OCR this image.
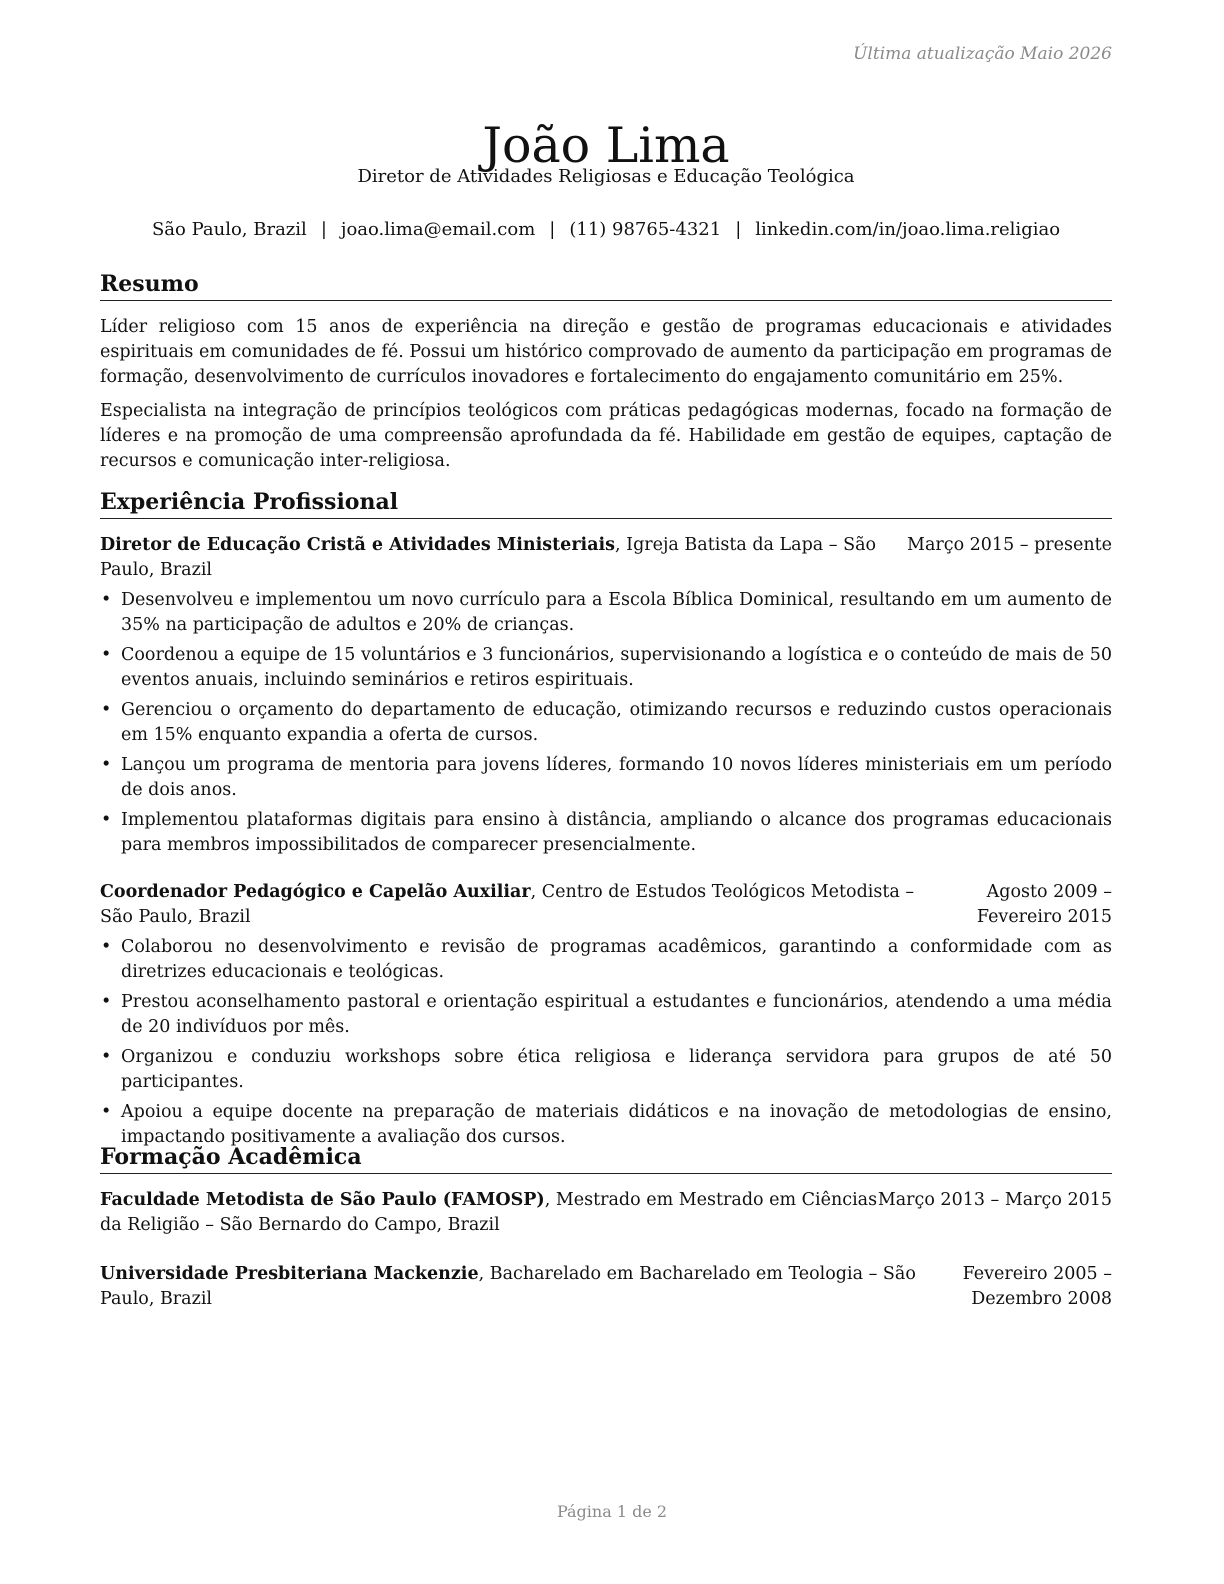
Última atualização Maio 2026
João Lima
Diretor de Atividades Religiosas e Educação Teológica
São Paulo, Brazil | joao.lima@email.com | (11) 98765-4321 | linkedin.com/in/joao.lima.religiao
Resumo

Líder religioso com 15 anos de experiência na direção e gestão de programas educacionais e atividades espirituais em comunidades de fé. Possui um histórico comprovado de aumento da participação em programas de formação, desenvolvimento de currículos inovadores e fortalecimento do engajamento comunitário em 25%.

Especialista na integração de princípios teológicos com práticas pedagógicas modernas, focado na formação de líderes e na promoção de uma compreensão aprofundada da fé. Habilidade em gestão de equipes, captação de recursos e comunicação inter-religiosa.

Experiência Profissional
Diretor de Educação Cristã e Atividades Ministeriais, Igreja Batista da Lapa – São Paulo, Brazil
Março 2015 – presente
• Desenvolveu e implementou um novo currículo para a Escola Bíblica Dominical, resultando em um aumento de 35% na participação de adultos e 20% de crianças.
• Coordenou a equipe de 15 voluntários e 3 funcionários, supervisionando a logística e o conteúdo de mais de 50 eventos anuais, incluindo seminários e retiros espirituais.
• Gerenciou o orçamento do departamento de educação, otimizando recursos e reduzindo custos operacionais em 15% enquanto expandia a oferta de cursos.
• Lançou um programa de mentoria para jovens líderes, formando 10 novos líderes ministeriais em um período de dois anos.
• Implementou plataformas digitais para ensino à distância, ampliando o alcance dos programas educacionais para membros impossibilitados de comparecer presencialmente.
Coordenador Pedagógico e Capelão Auxiliar, Centro de Estudos Teológicos Metodista – São Paulo, Brazil
Agosto 2009 – Fevereiro 2015
• Colaborou no desenvolvimento e revisão de programas acadêmicos, garantindo a conformidade com as diretrizes educacionais e teológicas.
• Prestou aconselhamento pastoral e orientação espiritual a estudantes e funcionários, atendendo a uma média de 20 indivíduos por mês.
• Organizou e conduziu workshops sobre ética religiosa e liderança servidora para grupos de até 50 participantes.
• Apoiou a equipe docente na preparação de materiais didáticos e na inovação de metodologias de ensino, impactando positivamente a avaliação dos cursos.
Formação Acadêmica
Faculdade Metodista de São Paulo (FAMOSP), Mestrado em Mestrado em Ciências da Religião – São Bernardo do Campo, Brazil
Março 2013 – Março 2015
Universidade Presbiteriana Mackenzie, Bacharelado em Bacharelado em Teologia – São Paulo, Brazil
Fevereiro 2005 – Dezembro 2008
Página 1 de 2
